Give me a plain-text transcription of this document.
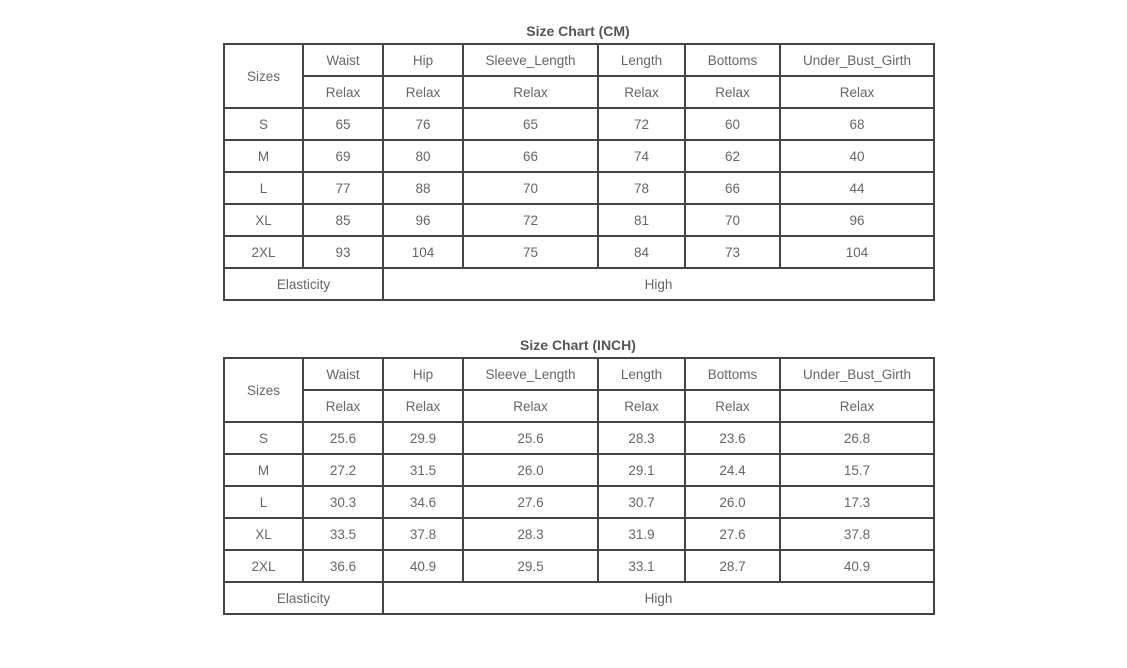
Size Chart (CM)
Sizes	Waist	Hip	Sleeve_Length	Length	Bottoms	Under_Bust_Girth
	Relax	Relax	Relax	Relax	Relax	Relax
S	65	76	65	72	60	68
M	69	80	66	74	62	40
L	77	88	70	78	66	44
XL	85	96	72	81	70	96
2XL	93	104	75	84	73	104
Elasticity		High				
Size Chart (INCH)
Sizes	Waist	Hip	Sleeve_Length	Length	Bottoms	Under_Bust_Girth
	Relax	Relax	Relax	Relax	Relax	Relax
S	25.6	29.9	25.6	28.3	23.6	26.8
M	27.2	31.5	26.0	29.1	24.4	15.7
L	30.3	34.6	27.6	30.7	26.0	17.3
XL	33.5	37.8	28.3	31.9	27.6	37.8
2XL	36.6	40.9	29.5	33.1	28.7	40.9
Elasticity		High				
